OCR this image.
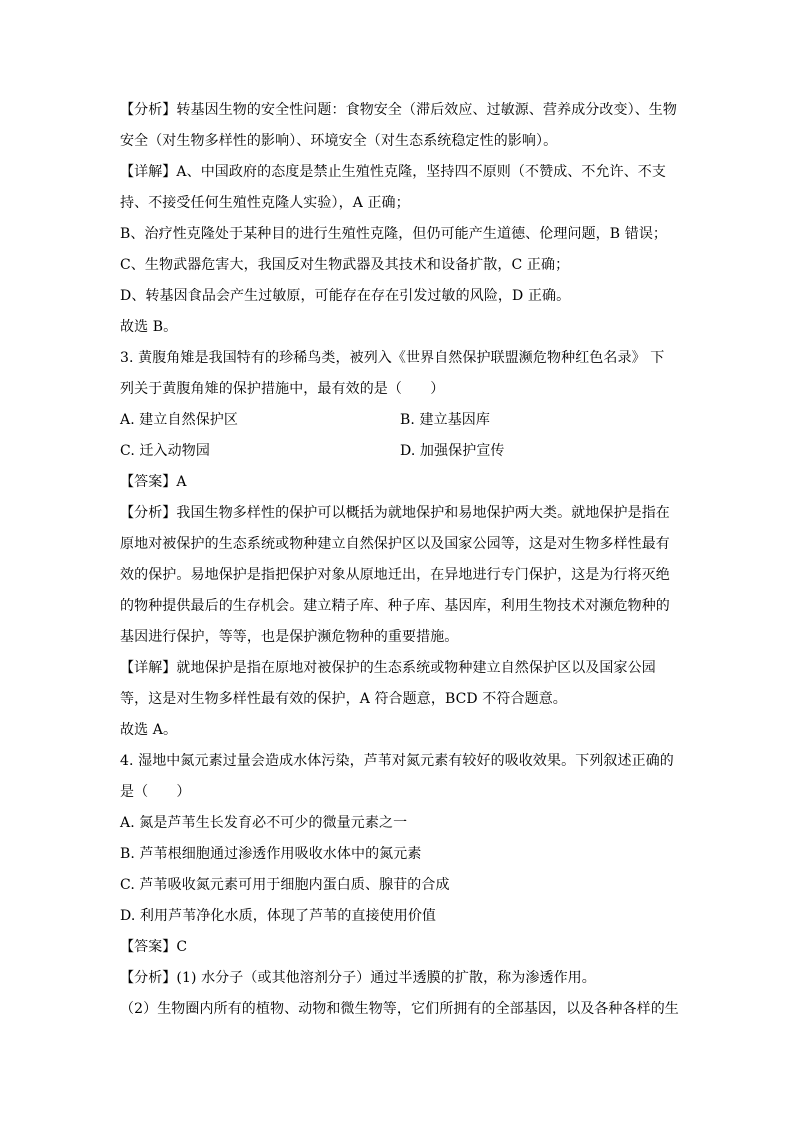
【分析】转基因生物的安全性问题：食物安全（滞后效应、过敏源、营养成分改变）、生物
安全（对生物多样性的影响）、环境安全（对生态系统稳定性的影响）。
【详解】A、中国政府的态度是禁止生殖性克隆，坚持四不原则（不赞成、不允许、不支
持、不接受任何生殖性克隆人实验），A 正确；
B、治疗性克隆处于某种目的进行生殖性克隆，但仍可能产生道德、伦理问题，B 错误；
C、生物武器危害大，我国反对生物武器及其技术和设备扩散，C 正确；
D、转基因食品会产生过敏原，可能存在存在引发过敏的风险，D 正确。
故选 B。
3. 黄腹角雉是我国特有的珍稀鸟类，被列入《世界自然保护联盟濒危物种红色名录》 下
列关于黄腹角雉的保护措施中，最有效的是（　　）
A. 建立自然保护区	B. 建立基因库
C. 迁入动物园	D. 加强保护宣传
【答案】A
【分析】我国生物多样性的保护可以概括为就地保护和易地保护两大类。就地保护是指在
原地对被保护的生态系统或物种建立自然保护区以及国家公园等，这是对生物多样性最有
效的保护。易地保护是指把保护对象从原地迁出，在异地进行专门保护，这是为行将灭绝
的物种提供最后的生存机会。建立精子库、种子库、基因库，利用生物技术对濒危物种的
基因进行保护，等等，也是保护濒危物种的重要措施。
【详解】就地保护是指在原地对被保护的生态系统或物种建立自然保护区以及国家公园
等，这是对生物多样性最有效的保护，A 符合题意，BCD 不符合题意。
故选 A。
4. 湿地中氮元素过量会造成水体污染，芦苇对氮元素有较好的吸收效果。下列叙述正确的
是（　　）
A. 氮是芦苇生长发育必不可少的微量元素之一
B. 芦苇根细胞通过渗透作用吸收水体中的氮元素
C. 芦苇吸收氮元素可用于细胞内蛋白质、腺苷的合成
D. 利用芦苇净化水质，体现了芦苇的直接使用价值
【答案】C
【分析】(1) 水分子（或其他溶剂分子）通过半透膜的扩散，称为渗透作用。
（2）生物圈内所有的植物、动物和微生物等，它们所拥有的全部基因，以及各种各样的生
